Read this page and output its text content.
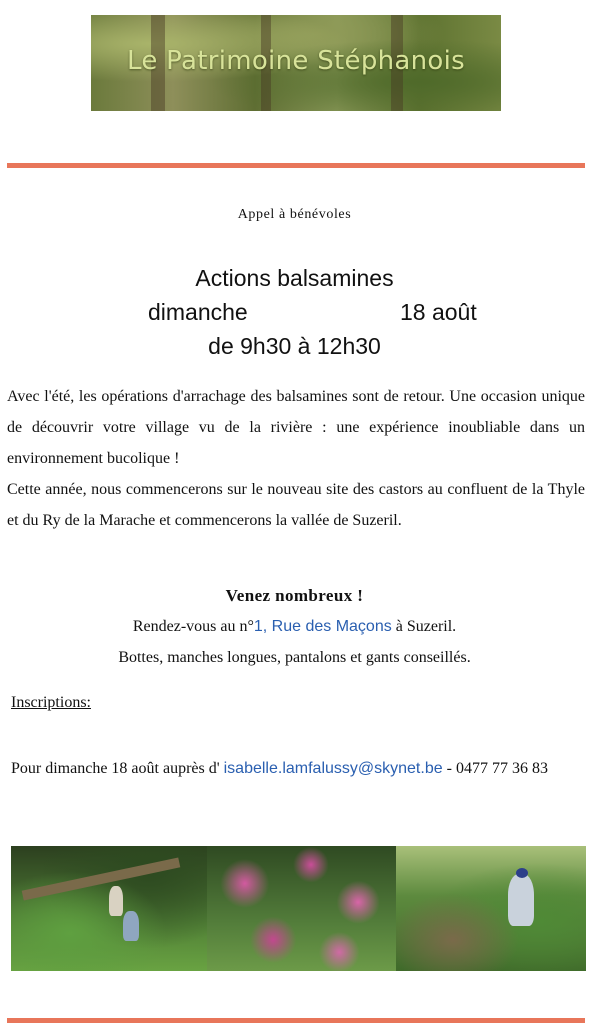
Le Patrimoine Stéphanois
Appel à bénévoles
Actions balsamines
dimanche	18 août
de 9h30 à 12h30

Avec l'été, les opérations d'arrachage des balsamines sont de retour. Une occasion unique de découvrir votre village vu de la rivière : une expérience inoubliable dans un environnement bucolique !

Cette année, nous commencerons sur le nouveau site des castors au confluent de la Thyle et du Ry de la Marache et commencerons la vallée de Suzeril.

Venez nombreux !
Rendez-vous au n°1, Rue des Maçons à Suzeril.
Bottes, manches longues, pantalons et gants conseillés.
Inscriptions:
Pour dimanche 18 août auprès d' isabelle.lamfalussy@skynet.be - 0477 77 36 83
